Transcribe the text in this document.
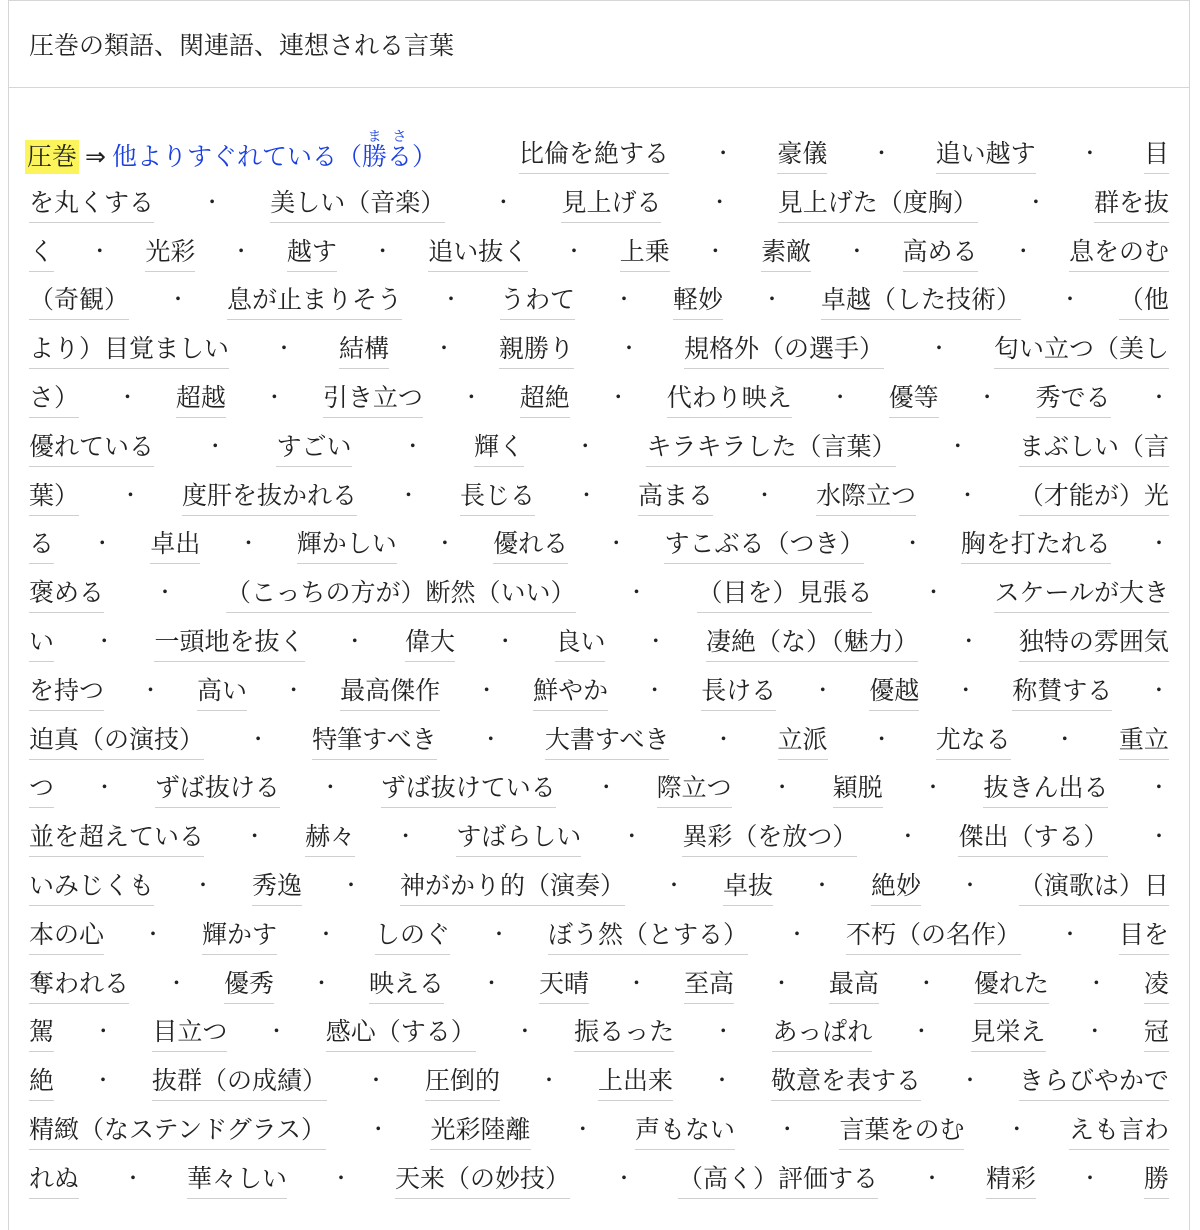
圧巻の類語、関連語、連想される言葉
圧巻 ⇒ 他よりすぐれている（勝るまさ）	比倫を絶する ・ 豪儀 ・ 追い越す ・ 目
を丸くする ・ 美しい（音楽） ・ 見上げる ・ 見上げた（度胸） ・ 群を抜
く ・ 光彩 ・ 越す ・ 追い抜く ・ 上乗 ・ 素敵 ・ 高める ・ 息をのむ
（奇観） ・ 息が止まりそう ・ うわて ・ 軽妙 ・ 卓越（した技術） ・ （他
より）目覚ましい ・ 結構 ・ 親勝り ・ 規格外（の選手） ・ 匂い立つ（美し
さ） ・ 超越 ・ 引き立つ ・ 超絶 ・ 代わり映え ・ 優等 ・ 秀でる ・
優れている	・ すごい	・ 輝く	・ キラキラした（言葉）	・ まぶしい（言
葉） ・ 度肝を抜かれる ・ 長じる ・ 高まる ・ 水際立つ ・ （才能が）光
る ・ 卓出 ・ 輝かしい ・ 優れる ・ すこぶる（つき） ・ 胸を打たれる ・
褒める	・ （こっちの方が）断然（いい）	・ （目を）見張る	・ スケールが大き
い ・ 一頭地を抜く ・ 偉大 ・ 良い ・ 凄絶（な）（魅力） ・ 独特の雰囲気
を持つ ・ 高い ・ 最高傑作 ・ 鮮やか ・ 長ける ・ 優越 ・ 称賛する ・
迫真（の演技） ・ 特筆すべき ・ 大書すべき ・ 立派 ・ 尤なる ・ 重立
つ ・ ずば抜ける ・ ずば抜けている ・ 際立つ ・ 穎脱 ・ 抜きん出る ・
並を超えている ・ 赫々 ・ すばらしい ・ 異彩（を放つ） ・ 傑出（する） ・
いみじくも ・ 秀逸 ・ 神がかり的（演奏） ・ 卓抜 ・ 絶妙 ・ （演歌は）日
本の心 ・ 輝かす ・ しのぐ ・ ぼう然（とする） ・ 不朽（の名作） ・ 目を
奪われる ・ 優秀 ・ 映える ・ 天晴 ・ 至高 ・ 最高 ・ 優れた ・ 凌
駕 ・ 目立つ ・ 感心（する） ・ 振るった ・ あっぱれ ・ 見栄え ・ 冠
絶 ・ 抜群（の成績） ・ 圧倒的 ・ 上出来 ・ 敬意を表する ・ きらびやかで
精緻（なステンドグラス） ・ 光彩陸離 ・ 声もない ・ 言葉をのむ ・ えも言わ
れぬ ・ 華々しい ・ 天来（の妙技） ・ （高く）評価する ・ 精彩 ・ 勝
